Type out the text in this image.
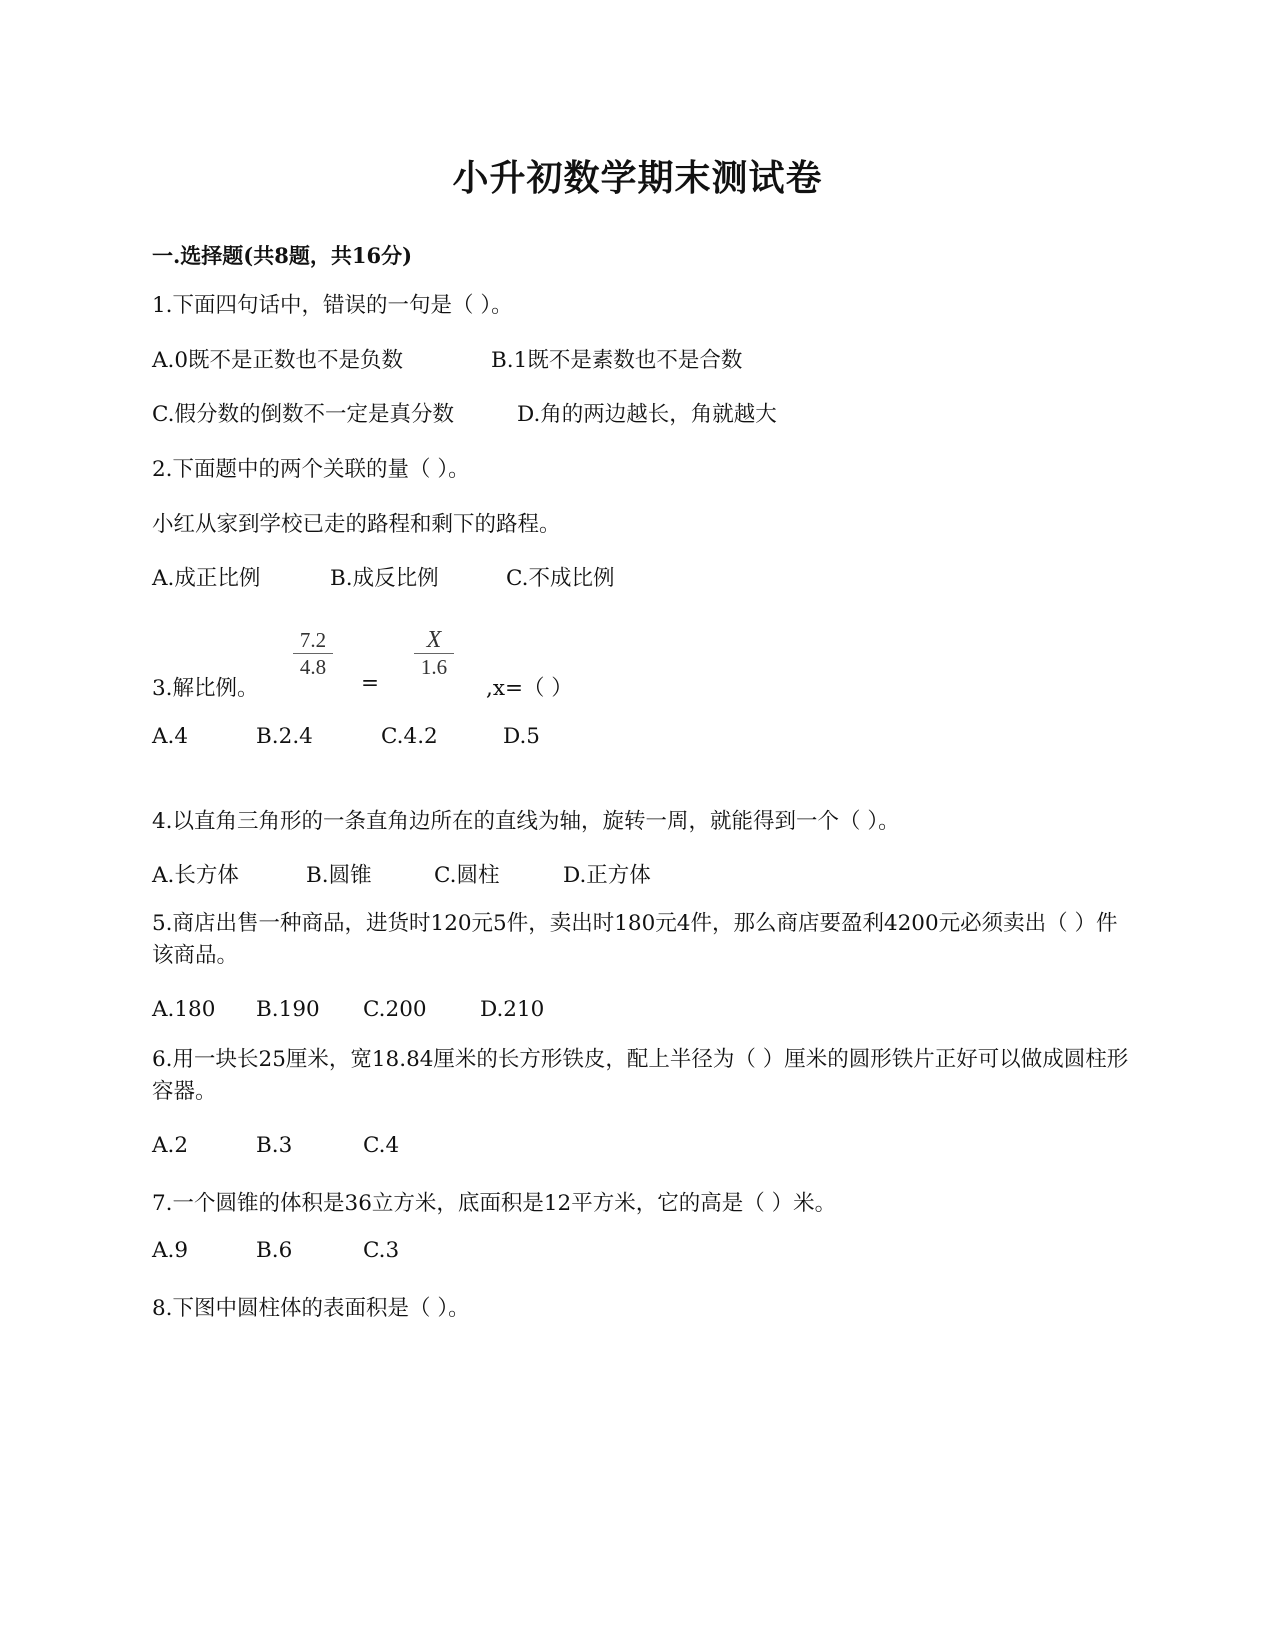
小升初数学期末测试卷
一.选择题(共8题，共16分)
1.下面四句话中，错误的一句是（ ）。
A.0既不是正数也不是负数	B.1既不是素数也不是合数
C.假分数的倒数不一定是真分数	D.角的两边越长，角就越大
2.下面题中的两个关联的量（ ）。
小红从家到学校已走的路程和剩下的路程。
A.成正比例	B.成反比例	C.不成比例
7.2
4.8
X
1.6
3.解比例。	=	,x=（ ）
A.4	B.2.4	C.4.2	D.5
4.以直角三角形的一条直角边所在的直线为轴，旋转一周，就能得到一个（ ）。
A.长方体	B.圆锥	C.圆柱	D.正方体
5.商店出售一种商品，进货时120元5件，卖出时180元4件，那么商店要盈利4200元必须卖出（ ）件该商品。
A.180 B.190 C.200 D.210
6.用一块长25厘米，宽18.84厘米的长方形铁皮，配上半径为（ ）厘米的圆形铁片正好可以做成圆柱形容器。
A.2	B.3	C.4
7.一个圆锥的体积是36立方米，底面积是12平方米，它的高是（ ）米。
A.9	B.6	C.3
8.下图中圆柱体的表面积是（ ）。
